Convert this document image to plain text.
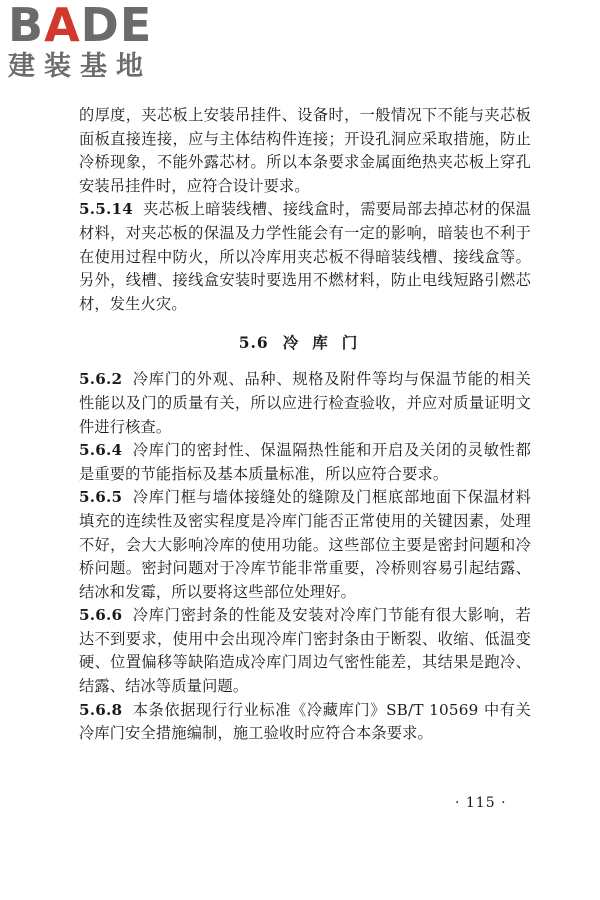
BADE
建装基地

的厚度，夹芯板上安装吊挂件、设备时，一般情况下不能与夹芯板面板直接连接，应与主体结构件连接；开设孔洞应采取措施，防止冷桥现象，不能外露芯材。所以本条要求金属面绝热夹芯板上穿孔安装吊挂件时，应符合设计要求。

5.5.14 夹芯板上暗装线槽、接线盒时，需要局部去掉芯材的保温材料，对夹芯板的保温及力学性能会有一定的影响，暗装也不利于在使用过程中防火，所以冷库用夹芯板不得暗装线槽、接线盒等。另外，线槽、接线盒安装时要选用不燃材料，防止电线短路引燃芯材，发生火灾。

5.6 冷库门

5.6.2 冷库门的外观、品种、规格及附件等均与保温节能的相关性能以及门的质量有关，所以应进行检查验收，并应对质量证明文件进行核查。

5.6.4 冷库门的密封性、保温隔热性能和开启及关闭的灵敏性都是重要的节能指标及基本质量标准，所以应符合要求。

5.6.5 冷库门框与墙体接缝处的缝隙及门框底部地面下保温材料填充的连续性及密实程度是冷库门能否正常使用的关键因素，处理不好，会大大影响冷库的使用功能。这些部位主要是密封问题和冷桥问题。密封问题对于冷库节能非常重要，冷桥则容易引起结露、结冰和发霉，所以要将这些部位处理好。

5.6.6 冷库门密封条的性能及安装对冷库门节能有很大影响，若达不到要求，使用中会出现冷库门密封条由于断裂、收缩、低温变硬、位置偏移等缺陷造成冷库门周边气密性能差，其结果是跑冷、结露、结冰等质量问题。

5.6.8 本条依据现行行业标准《冷藏库门》SB/T 10569 中有关冷库门安全措施编制，施工验收时应符合本条要求。

· 115 ·
